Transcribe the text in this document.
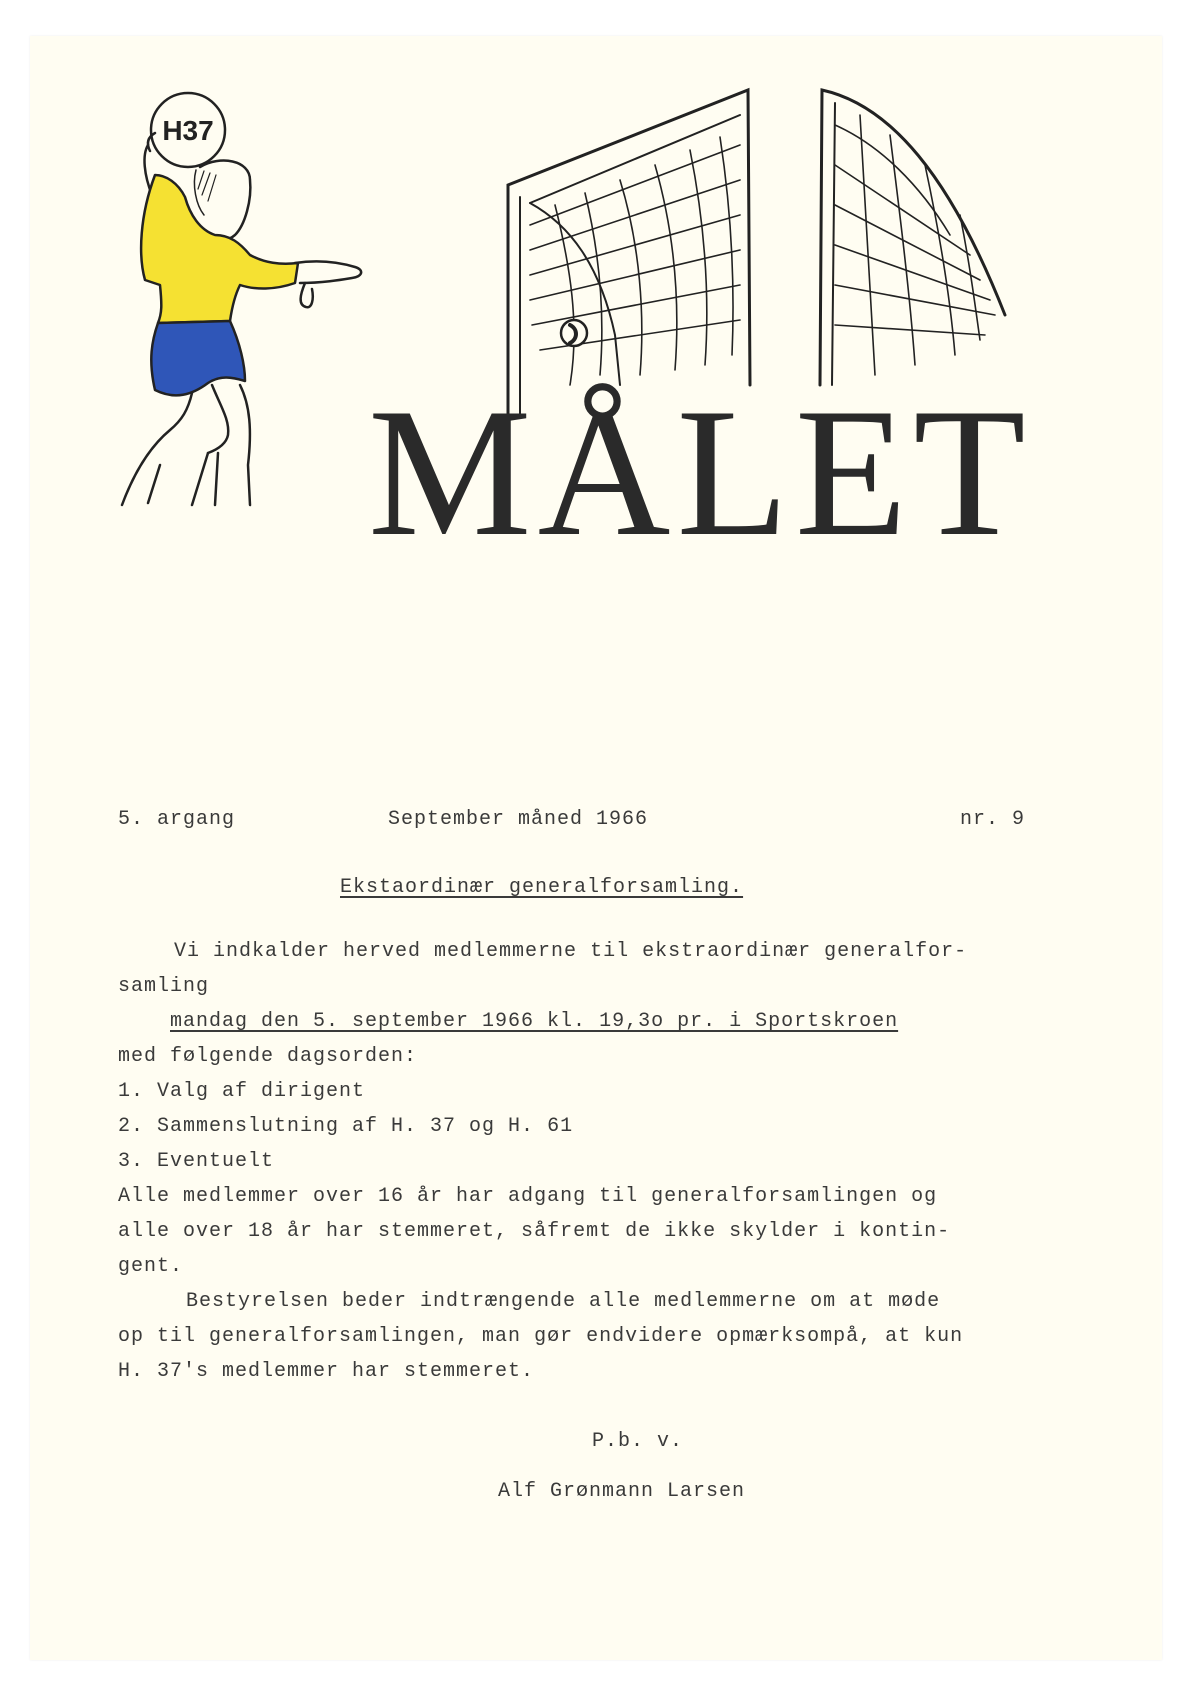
H37
MÅLET

5. argang	September måned 1966	nr. 9

Ekstaordinær generalforsamling.

Vi indkalder herved medlemmerne til ekstraordinær generalfor-

samling

mandag den 5. september 1966 kl. 19,3o pr. i Sportskroen

med følgende dagsorden:

1. Valg af dirigent

2. Sammenslutning af H. 37 og H. 61

3. Eventuelt

Alle medlemmer over 16 år har adgang til generalforsamlingen og

alle over 18 år har stemmeret, såfremt de ikke skylder i kontin-

gent.

Bestyrelsen beder indtrængende alle medlemmerne om at møde

op til generalforsamlingen, man gør endvidere opmærksompå, at kun

H. 37's medlemmer har stemmeret.

P.b. v.

Alf Grønmann Larsen
